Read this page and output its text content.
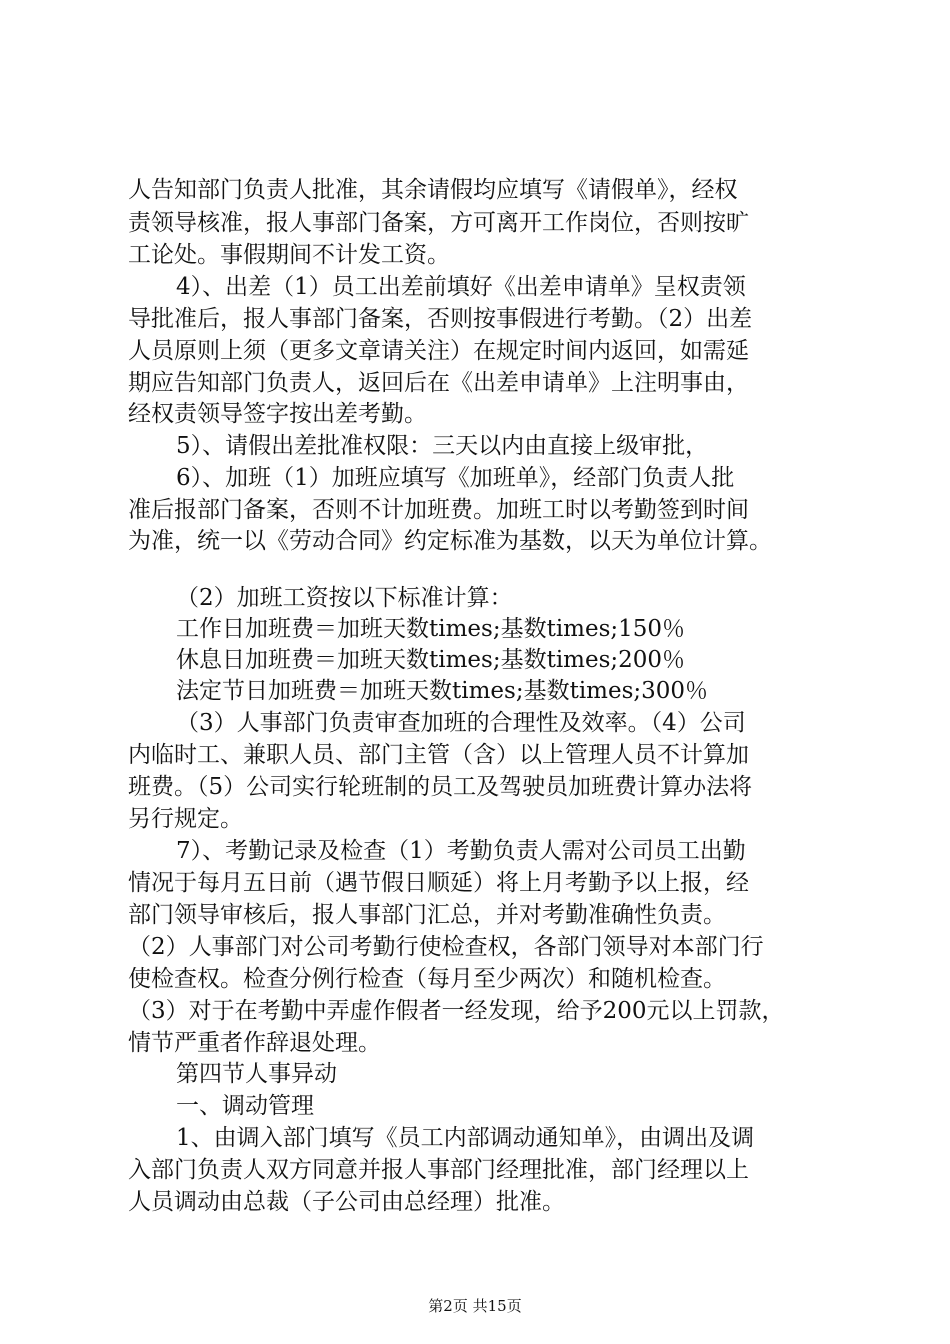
人告知部门负责人批准，其余请假均应填写《请假单》，经权
责领导核准，报人事部门备案，方可离开工作岗位，否则按旷
工论处。事假期间不计发工资。
4）、出差（1）员工出差前填好《出差申请单》呈权责领
导批准后，报人事部门备案，否则按事假进行考勤。（2）出差
人员原则上须（更多文章请关注）在规定时间内返回，如需延
期应告知部门负责人，返回后在《出差申请单》上注明事由，
经权责领导签字按出差考勤。
5）、请假出差批准权限：三天以内由直接上级审批，
6）、加班（1）加班应填写《加班单》，经部门负责人批
准后报部门备案，否则不计加班费。加班工时以考勤签到时间
为准，统一以《劳动合同》约定标准为基数，以天为单位计算。
（2）加班工资按以下标准计算：
工作日加班费＝加班天数times;基数times;150％
休息日加班费＝加班天数times;基数times;200％
法定节日加班费＝加班天数times;基数times;300％
（3）人事部门负责审查加班的合理性及效率。（4）公司
内临时工、兼职人员、部门主管（含）以上管理人员不计算加
班费。（5）公司实行轮班制的员工及驾驶员加班费计算办法将
另行规定。
7）、考勤记录及检查（1）考勤负责人需对公司员工出勤
情况于每月五日前（遇节假日顺延）将上月考勤予以上报，经
部门领导审核后，报人事部门汇总，并对考勤准确性负责。
（2）人事部门对公司考勤行使检查权，各部门领导对本部门行
使检查权。检查分例行检查（每月至少两次）和随机检查。
（3）对于在考勤中弄虚作假者一经发现，给予200元以上罚款，
情节严重者作辞退处理。
第四节人事异动
一、调动管理
1、由调入部门填写《员工内部调动通知单》，由调出及调
入部门负责人双方同意并报人事部门经理批准，部门经理以上
人员调动由总裁（子公司由总经理）批准。
第2页 共15页
